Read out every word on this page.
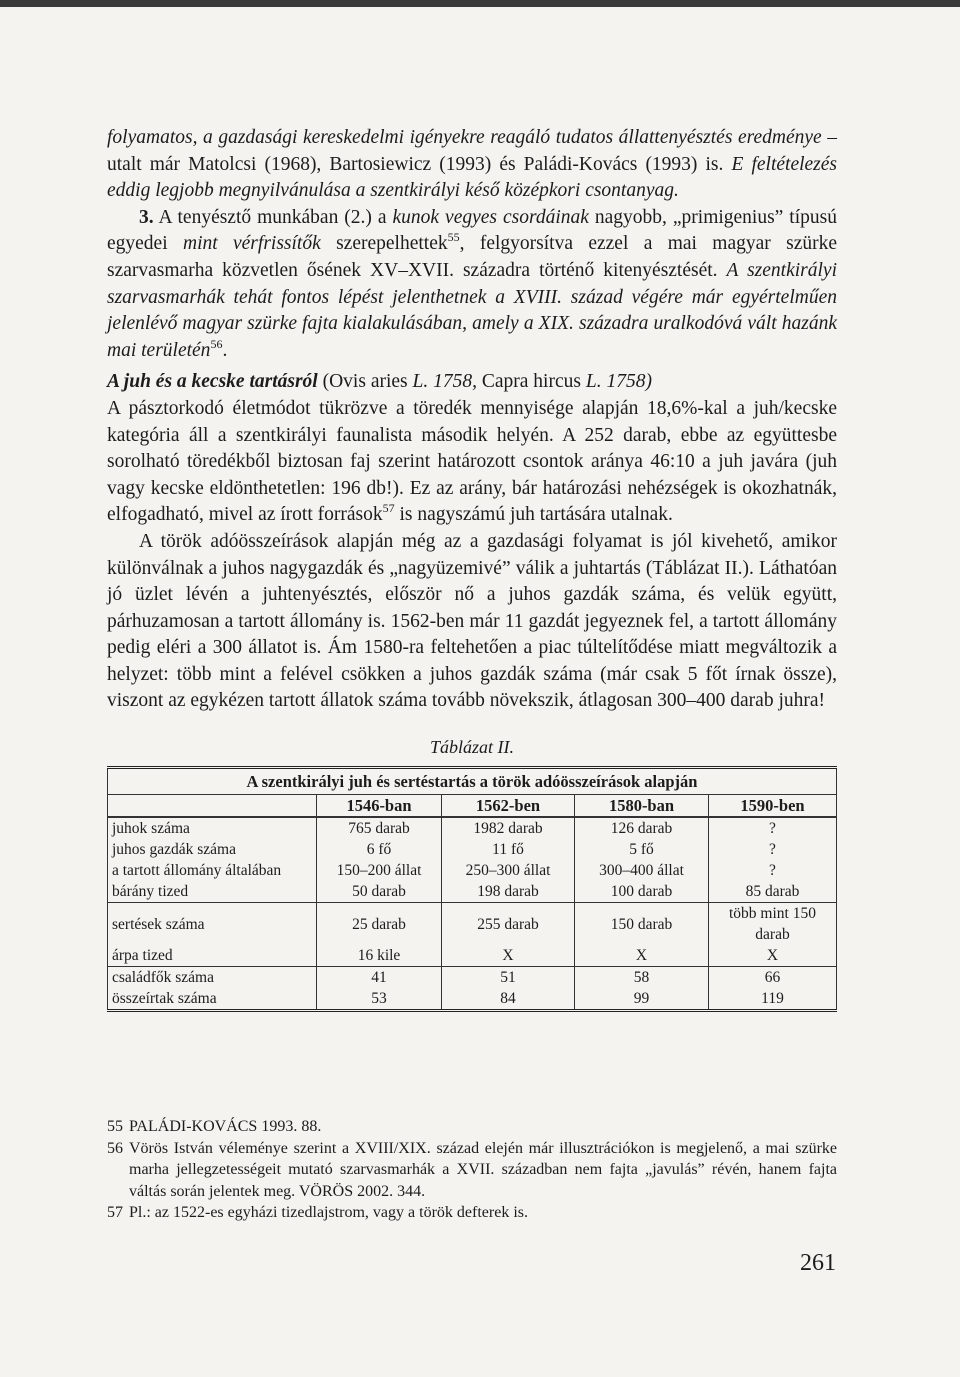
folyamatos, a gazdasági kereskedelmi igényekre reagáló tudatos állattenyésztés eredménye – utalt már Matolcsi (1968), Bartosiewicz (1993) és Paládi-Kovács (1993) is. E feltételezés eddig legjobb megnyilvánulása a szentkirályi késő középkori csontanyag.

3. A tenyésztő munkában (2.) a kunok vegyes csordáinak nagyobb, „primigenius” típusú egyedei mint vérfrissítők szerepelhettek$^{55}$, felgyorsítva ezzel a mai magyar szürke szarvasmarha közvetlen ősének XV–XVII. századra történő kitenyésztését. A szentkirályi szarvasmarhák tehát fontos lépést jelenthetnek a XVIII. század végére már egyértelműen jelenlévő magyar szürke fajta kialakulásában, amely a XIX. századra uralkodóvá vált hazánk mai területén$^{56}$.

A juh és a kecske tartásról (Ovis aries L. 1758, Capra hircus L. 1758)

A pásztorkodó életmódot tükrözve a töredék mennyisége alapján 18,6%-kal a juh/kecske kategória áll a szentkirályi faunalista második helyén. A 252 darab, ebbe az együttesbe sorolható töredékből biztosan faj szerint határozott csontok aránya 46:10 a juh javára (juh vagy kecske eldönthetetlen: 196 db!). Ez az arány, bár határozási nehézségek is okozhatnák, elfogadható, mivel az írott források$^{57}$ is nagyszámú juh tartására utalnak.

A török adóösszeírások alapján még az a gazdasági folyamat is jól kivehető, amikor különválnak a juhos nagygazdák és „nagyüzemivé” válik a juhtartás (Táblázat II.). Láthatóan jó üzlet lévén a juhtenyésztés, először nő a juhos gazdák száma, és velük együtt, párhuzamosan a tartott állomány is. 1562-ben már 11 gazdát jegyeznek fel, a tartott állomány pedig eléri a 300 állatot is. Ám 1580-ra feltehetően a piac túltelítődése miatt megváltozik a helyzet: több mint a felével csökken a juhos gazdák száma (már csak 5 főt írnak össze), viszont az egykézen tartott állatok száma tovább növekszik, átlagosan 300–400 darab juhra!

Táblázat II.
A szentkirályi juh és sertéstartás a török adóösszeírások alapján				
	1546-ban	1562-ben	1580-ban	1590-ben
juhok száma	765 darab	1982 darab	126 darab	?
juhos gazdák száma	6 fő	11 fő	5 fő	?
a tartott állomány általában	150–200 állat	250–300 állat	300–400 állat	?
bárány tized	50 darab	198 darab	100 darab	85 darab
sertések száma	25 darab	255 darab	150 darab	több mint 150 darab
árpa tized	16 kile	X	X	X
családfők száma	41	51	58	66
összeírtak száma	53	84	99	119
55 PALÁDI-KOVÁCS 1993. 88.
56 Vörös István véleménye szerint a XVIII/XIX. század elején már illusztrációkon is megjelenő, a mai szürke marha jellegzetességeit mutató szarvasmarhák a XVII. században nem fajta „javulás” révén, hanem fajta váltás során jelentek meg. VÖRÖS 2002. 344.
57 Pl.: az 1522-es egyházi tizedlajstrom, vagy a török defterek is.
261
